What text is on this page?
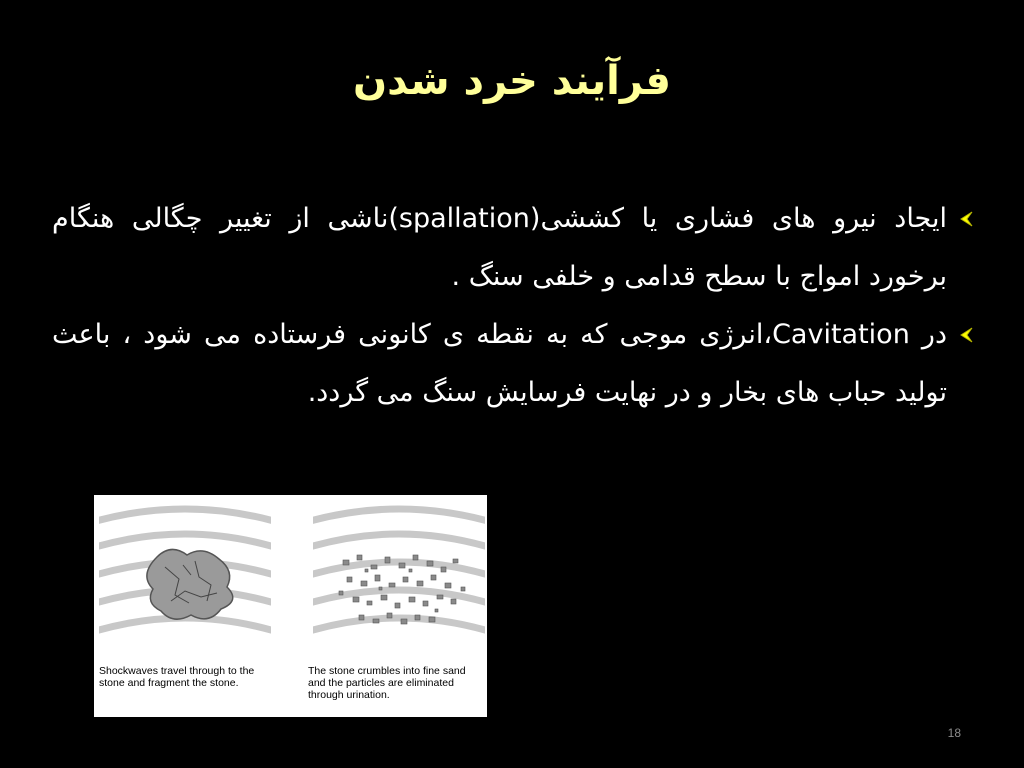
فرآیند خرد شدن
ایجاد نیرو های فشاری یا کششی(spallation)ناشی از تغییر چگالی هنگام برخورد امواج با سطح قدامی و خلفی سنگ .
در Cavitation،انرژی موجی که به نقطه ی کانونی فرستاده می شود ، باعث تولید حباب های بخار و در نهایت فرسایش سنگ می گردد.
Shockwaves travel through to the stone and fragment the stone.
The stone crumbles into fine sand and the particles are eliminated through urination.
18
